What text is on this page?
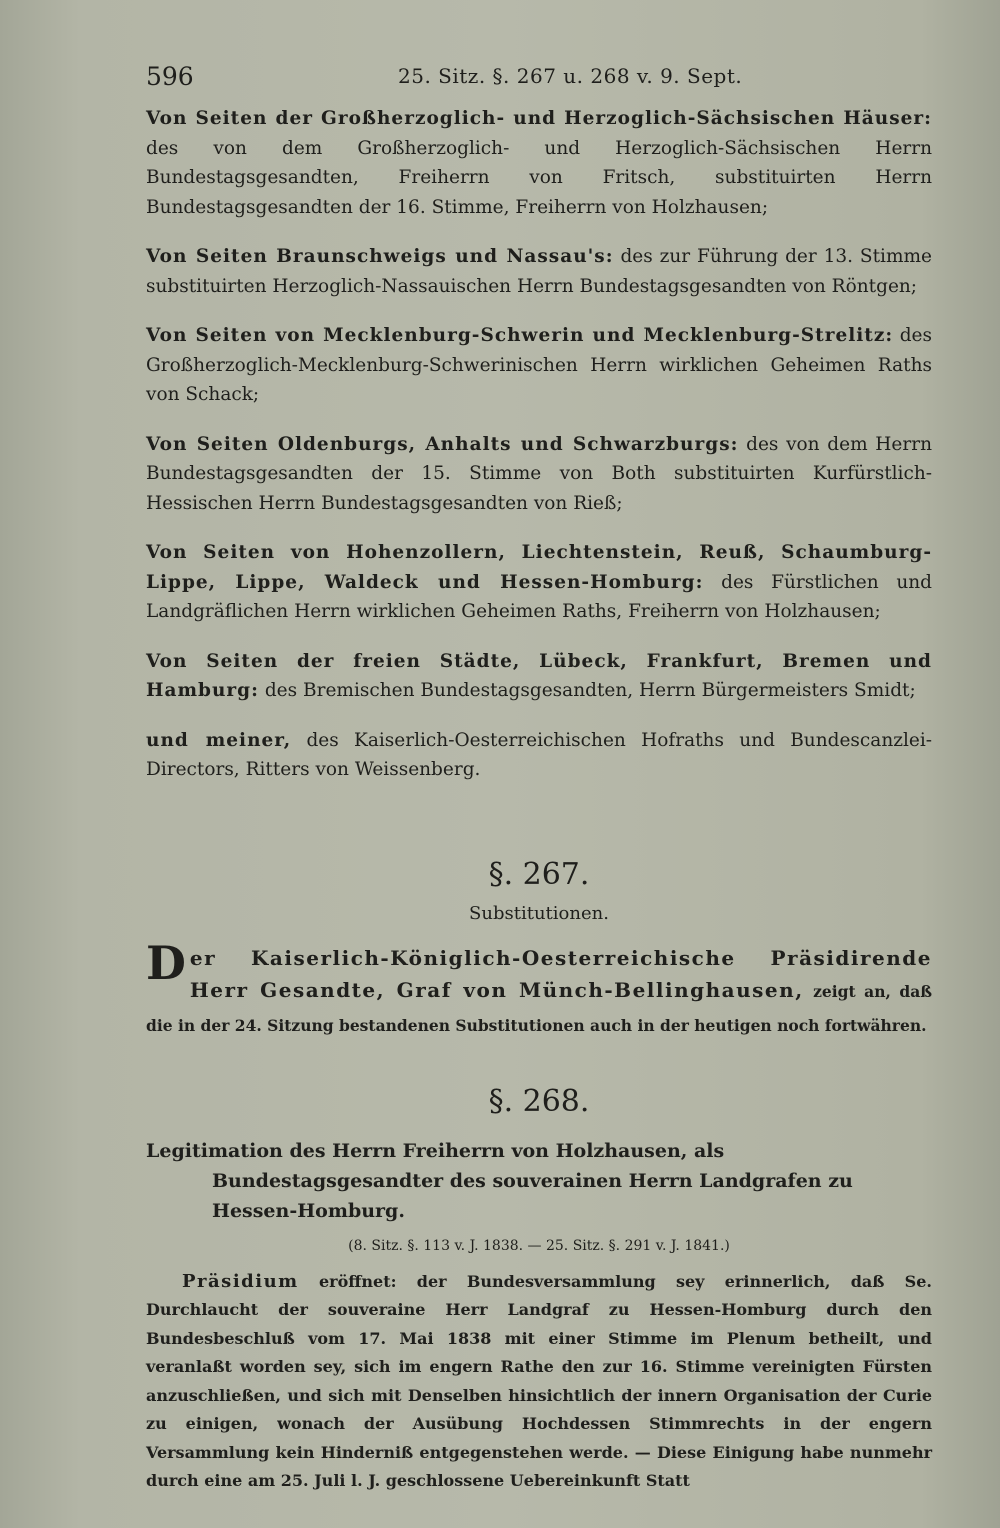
596	25. Sitz. §. 267 u. 268 v. 9. Sept.

Von Seiten der Großherzoglich- und Herzoglich-Sächsischen Häuser: des von dem Großherzoglich- und Herzoglich-Sächsischen Herrn Bundestagsgesandten, Freiherrn von Fritsch, substituirten Herrn Bundestagsgesandten der 16. Stimme, Freiherrn von Holzhausen;

Von Seiten Braunschweigs und Nassau's: des zur Führung der 13. Stimme substituirten Herzoglich-Nassauischen Herrn Bundestagsgesandten von Röntgen;

Von Seiten von Mecklenburg-Schwerin und Mecklenburg-Strelitz: des Großherzoglich-Mecklenburg-Schwerinischen Herrn wirklichen Geheimen Raths von Schack;

Von Seiten Oldenburgs, Anhalts und Schwarzburgs: des von dem Herrn Bundestagsgesandten der 15. Stimme von Both substituirten Kurfürstlich-Hessischen Herrn Bundestagsgesandten von Rieß;

Von Seiten von Hohenzollern, Liechtenstein, Reuß, Schaumburg-Lippe, Lippe, Waldeck und Hessen-Homburg: des Fürstlichen und Landgräflichen Herrn wirklichen Geheimen Raths, Freiherrn von Holzhausen;

Von Seiten der freien Städte, Lübeck, Frankfurt, Bremen und Hamburg: des Bremischen Bundestagsgesandten, Herrn Bürgermeisters Smidt;

und meiner, des Kaiserlich-Oesterreichischen Hofraths und Bundescanzlei-Directors, Ritters von Weissenberg.

§. 267.
Substitutionen.

Der Kaiserlich-Königlich-Oesterreichische Präsidirende Herr Gesandte, Graf von Münch-Bellinghausen, zeigt an, daß die in der 24. Sitzung bestandenen Substitutionen auch in der heutigen noch fortwähren.

§. 268.

Legitimation des Herrn Freiherrn von Holzhausen, als Bundestagsgesandter des souverainen Herrn Landgrafen zu Hessen-Homburg.

(8. Sitz. §. 113 v. J. 1838. — 25. Sitz. §. 291 v. J. 1841.)

Präsidium eröffnet: der Bundesversammlung sey erinnerlich, daß Se. Durchlaucht der souveraine Herr Landgraf zu Hessen-Homburg durch den Bundesbeschluß vom 17. Mai 1838 mit einer Stimme im Plenum betheilt, und veranlaßt worden sey, sich im engern Rathe den zur 16. Stimme vereinigten Fürsten anzuschließen, und sich mit Denselben hinsichtlich der innern Organisation der Curie zu einigen, wonach der Ausübung Hochdessen Stimmrechts in der engern Versammlung kein Hinderniß entgegenstehen werde. — Diese Einigung habe nunmehr durch eine am 25. Juli l. J. geschlossene Uebereinkunft Statt
